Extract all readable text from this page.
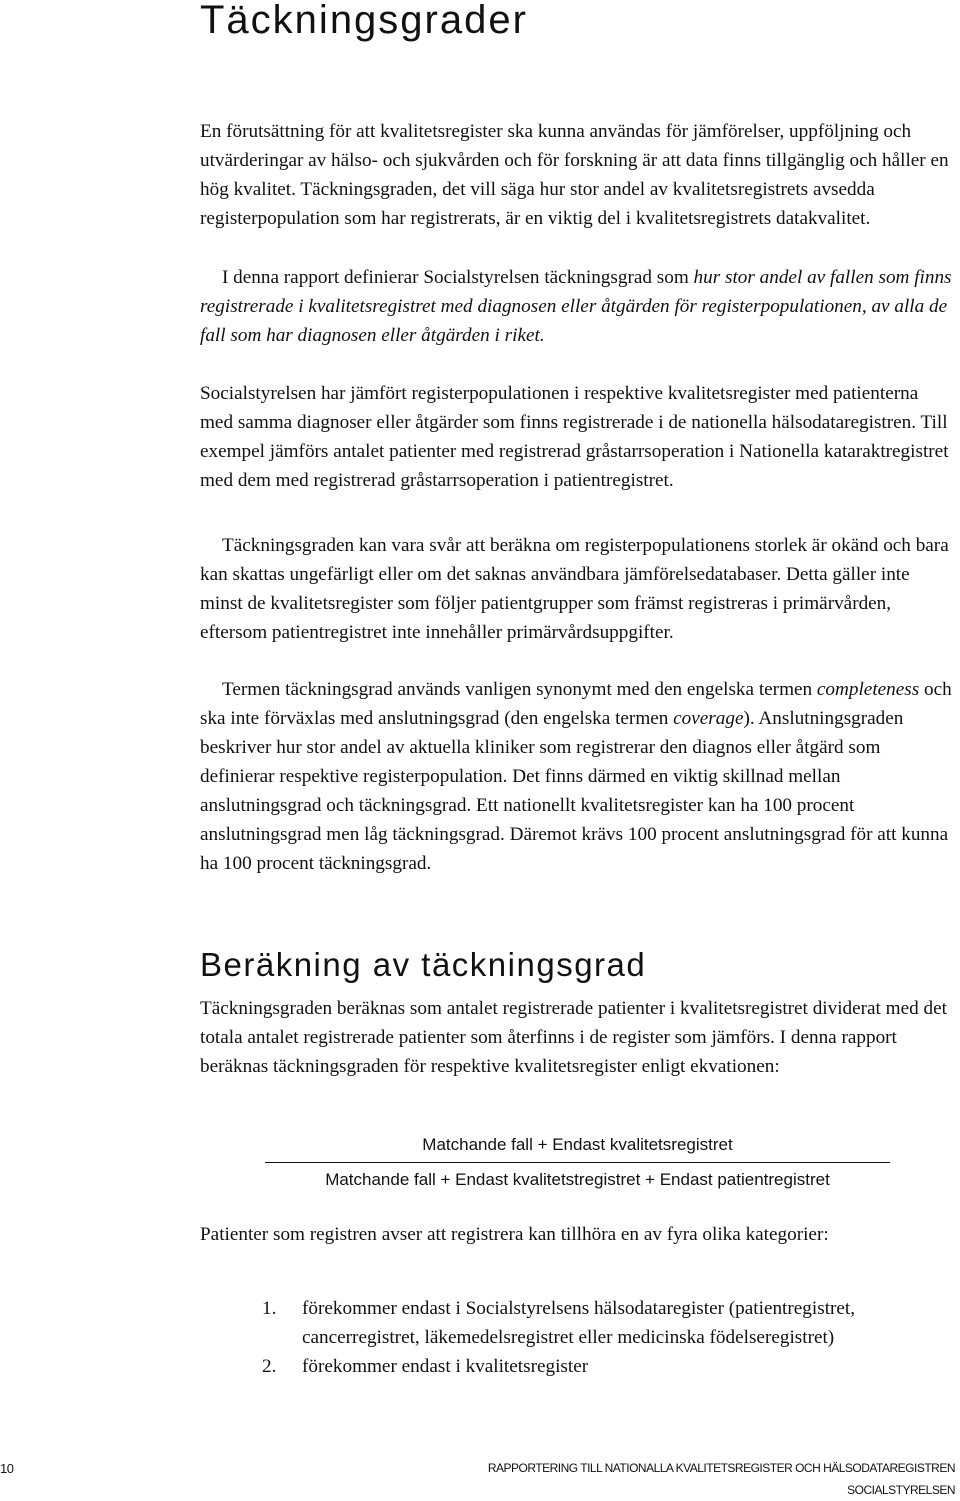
Täckningsgrader

En förutsättning för att kvalitetsregister ska kunna användas för jämförelser, uppföljning och utvärderingar av hälso- och sjukvården och för forskning är att data finns tillgänglig och håller en hög kvalitet. Täckningsgraden, det vill säga hur stor andel av kvalitetsregistrets avsedda registerpopulation som har registrerats, är en viktig del i kvalitetsregistrets datakvalitet.

I denna rapport definierar Socialstyrelsen täckningsgrad som hur stor andel av fallen som finns registrerade i kvalitetsregistret med diagnosen eller åtgärden för registerpopulationen, av alla de fall som har diagnosen eller åtgärden i riket.

Socialstyrelsen har jämfört registerpopulationen i respektive kvalitetsregister med patienterna med samma diagnoser eller åtgärder som finns registrerade i de nationella hälsodataregistren. Till exempel jämförs antalet patienter med registrerad gråstarrsoperation i Nationella kataraktregistret med dem med registrerad gråstarrsoperation i patientregistret.

Täckningsgraden kan vara svår att beräkna om registerpopulationens storlek är okänd och bara kan skattas ungefärligt eller om det saknas användbara jämförelsedatabaser. Detta gäller inte minst de kvalitetsregister som följer patientgrupper som främst registreras i primärvården, eftersom patientregistret inte innehåller primärvårdsuppgifter.

Termen täckningsgrad används vanligen synonymt med den engelska termen completeness och ska inte förväxlas med anslutningsgrad (den engelska termen coverage). Anslutningsgraden beskriver hur stor andel av aktuella kliniker som registrerar den diagnos eller åtgärd som definierar respektive registerpopulation. Det finns därmed en viktig skillnad mellan anslutningsgrad och täckningsgrad. Ett nationellt kvalitetsregister kan ha 100 procent anslutningsgrad men låg täckningsgrad. Däremot krävs 100 procent anslutningsgrad för att kunna ha 100 procent täckningsgrad.

Beräkning av täckningsgrad

Täckningsgraden beräknas som antalet registrerade patienter i kvalitetsregistret dividerat med det totala antalet registrerade patienter som återfinns i de register som jämförs. I denna rapport beräknas täckningsgraden för respektive kvalitetsregister enligt ekvationen:

Matchande fall + Endast kvalitetsregistret
Matchande fall + Endast kvalitetstregistret + Endast patientregistret

Patienter som registren avser att registrera kan tillhöra en av fyra olika kategorier:

1. förekommer endast i Socialstyrelsens hälsodataregister (patientregistret, cancerregistret, läkemedelsregistret eller medicinska födelseregistret)
2. förekommer endast i kvalitetsregister
10	RAPPORTERING TILL NATIONALLA KVALITETSREGISTER OCH HÄLSODATAREGISTREN
SOCIALSTYRELSEN
